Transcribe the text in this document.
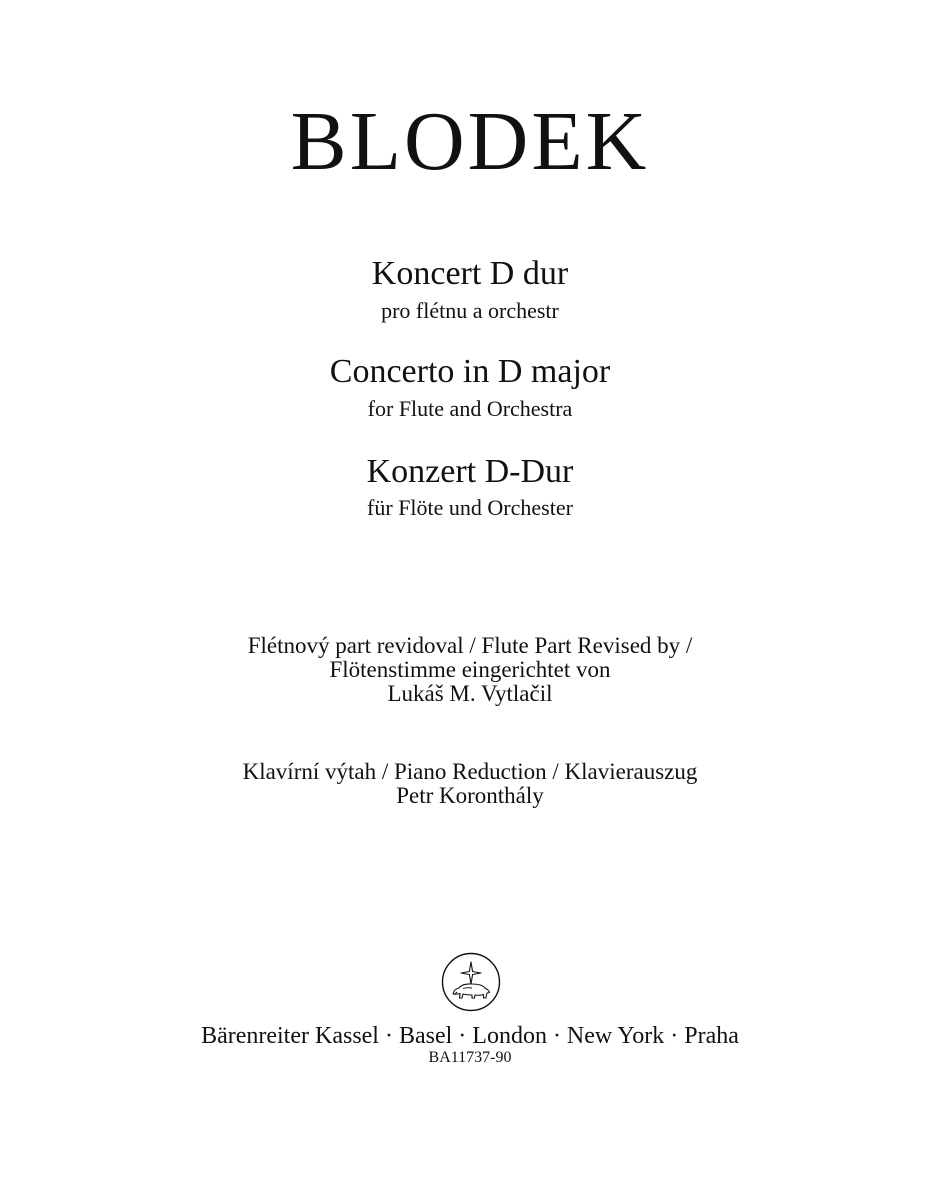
BLODEK
Koncert D dur
pro flétnu a orchestr
Concerto in D major
for Flute and Orchestra
Konzert D-Dur
für Flöte und Orchester
Flétnový part revidoval / Flute Part Revised by /
Flötenstimme eingerichtet von
Lukáš M. Vytlačil
Klavírní výtah / Piano Reduction / Klavierauszug
Petr Koronthály
Bärenreiter Kassel · Basel · London · New York · Praha
BA11737-90
